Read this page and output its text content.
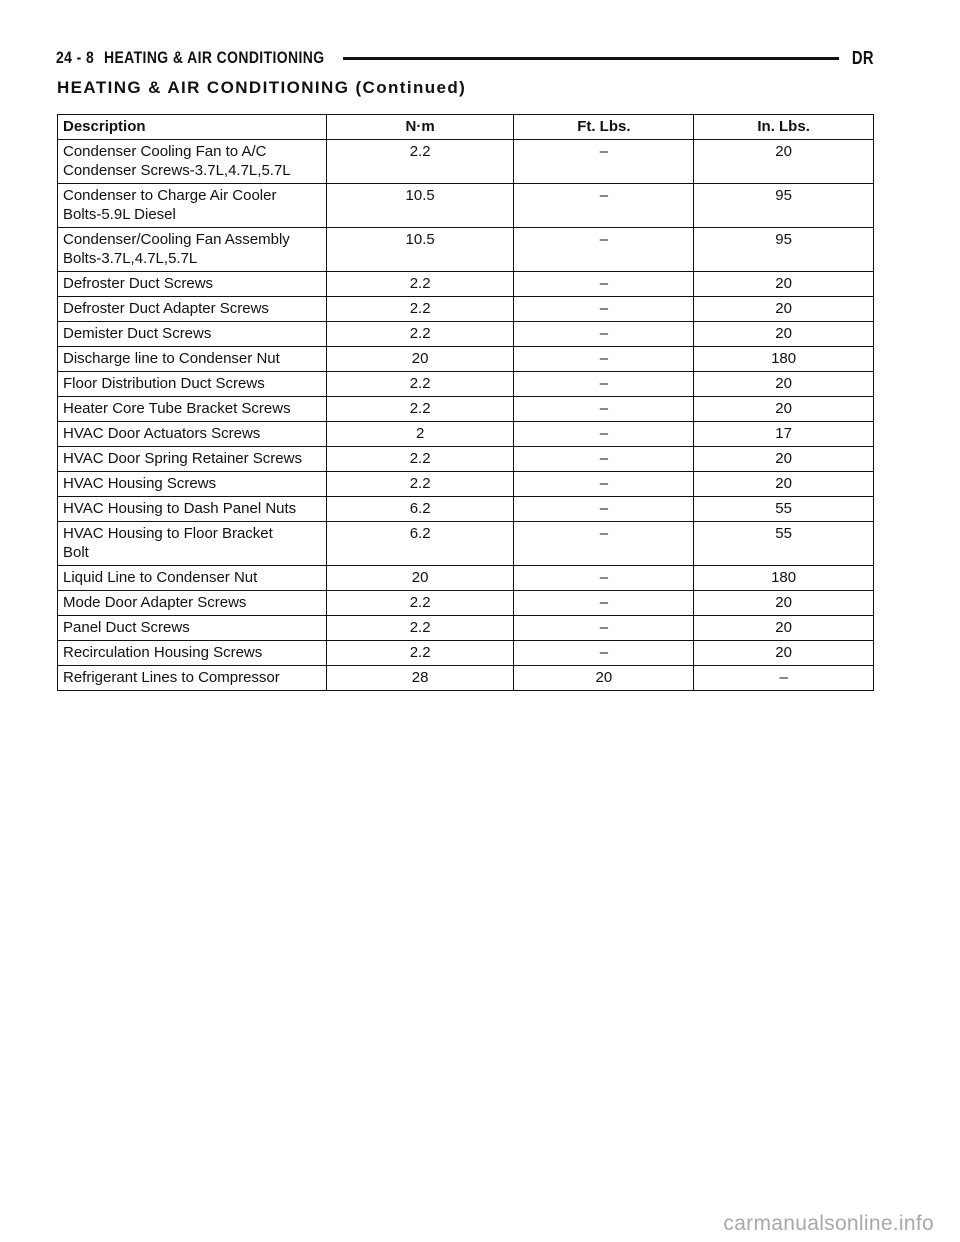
24 - 8 HEATING & AIR CONDITIONING	DR
HEATING & AIR CONDITIONING (Continued)
Description	N·m	Ft. Lbs.	In. Lbs.
Condenser Cooling Fan to A/C
Condenser Screws-3.7L,4.7L,5.7L	2.2	–	20
Condenser to Charge Air Cooler
Bolts-5.9L Diesel	10.5	–	95
Condenser/Cooling Fan Assembly
Bolts-3.7L,4.7L,5.7L	10.5	–	95
Defroster Duct Screws	2.2	–	20
Defroster Duct Adapter Screws	2.2	–	20
Demister Duct Screws	2.2	–	20
Discharge line to Condenser Nut	20	–	180
Floor Distribution Duct Screws	2.2	–	20
Heater Core Tube Bracket Screws	2.2	–	20
HVAC Door Actuators Screws	2	–	17
HVAC Door Spring Retainer Screws	2.2	–	20
HVAC Housing Screws	2.2	–	20
HVAC Housing to Dash Panel Nuts	6.2	–	55
HVAC Housing to Floor Bracket
Bolt	6.2	–	55
Liquid Line to Condenser Nut	20	–	180
Mode Door Adapter Screws	2.2	–	20
Panel Duct Screws	2.2	–	20
Recirculation Housing Screws	2.2	–	20
Refrigerant Lines to Compressor	28	20	–
carmanualsonline.info
